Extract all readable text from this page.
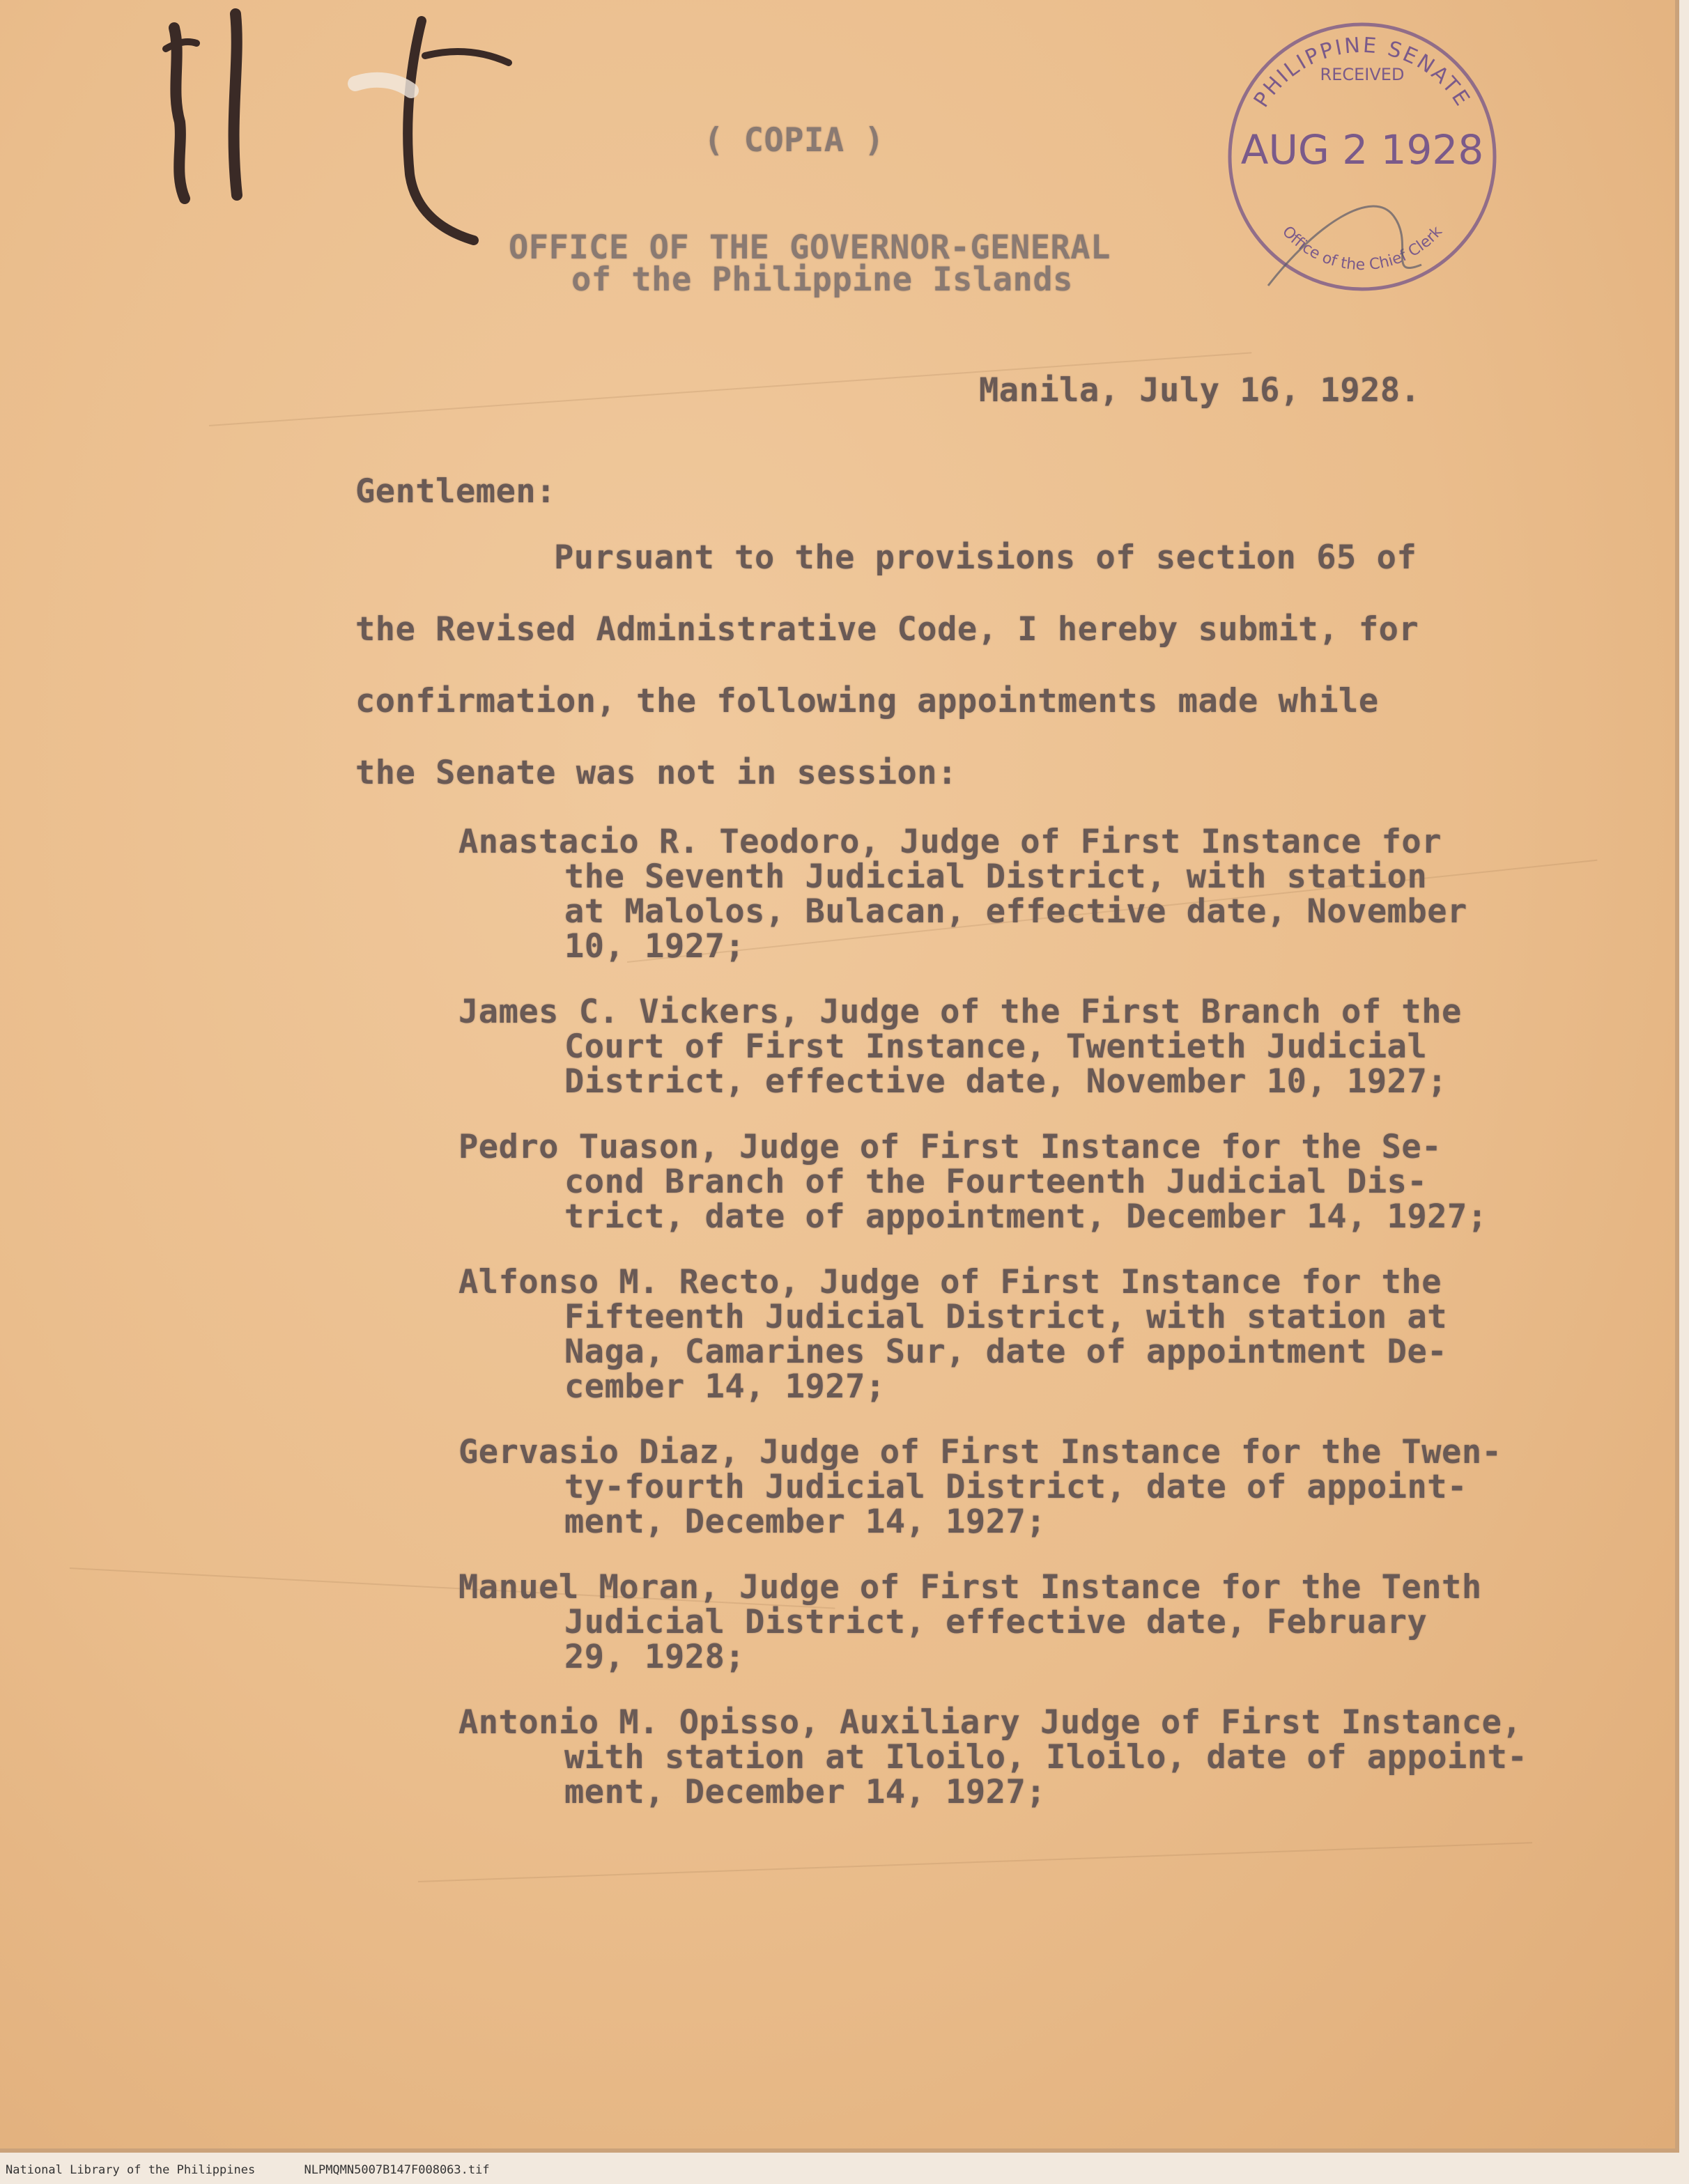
PHILIPPINE SENATE
RECEIVED
AUG 2 1928
Office of the Chief Clerk
( COPIA )
OFFICE OF THE GOVERNOR-GENERAL
of the Philippine Islands
Manila, July 16, 1928.
Gentlemen:
Pursuant to the provisions of section 65 of
the Revised Administrative Code, I hereby submit, for
confirmation, the following appointments made while
the Senate was not in session:
Anastacio R. Teodoro, Judge of First Instance for
the Seventh Judicial District, with station
at Malolos, Bulacan, effective date, November
10, 1927;
James C. Vickers, Judge of the First Branch of the
Court of First Instance, Twentieth Judicial
District, effective date, November 10, 1927;
Pedro Tuason, Judge of First Instance for the Se-
cond Branch of the Fourteenth Judicial Dis-
trict, date of appointment, December 14, 1927;
Alfonso M. Recto, Judge of First Instance for the
Fifteenth Judicial District, with station at
Naga, Camarines Sur, date of appointment De-
cember 14, 1927;
Gervasio Diaz, Judge of First Instance for the Twen-
ty-fourth Judicial District, date of appoint-
ment, December 14, 1927;
Manuel Moran, Judge of First Instance for the Tenth
Judicial District, effective date, February
29, 1928;
Antonio M. Opisso, Auxiliary Judge of First Instance,
with station at Iloilo, Iloilo, date of appoint-
ment, December 14, 1927;
National Library of the Philippines	NLPMQMN5007B147F008063.tif
